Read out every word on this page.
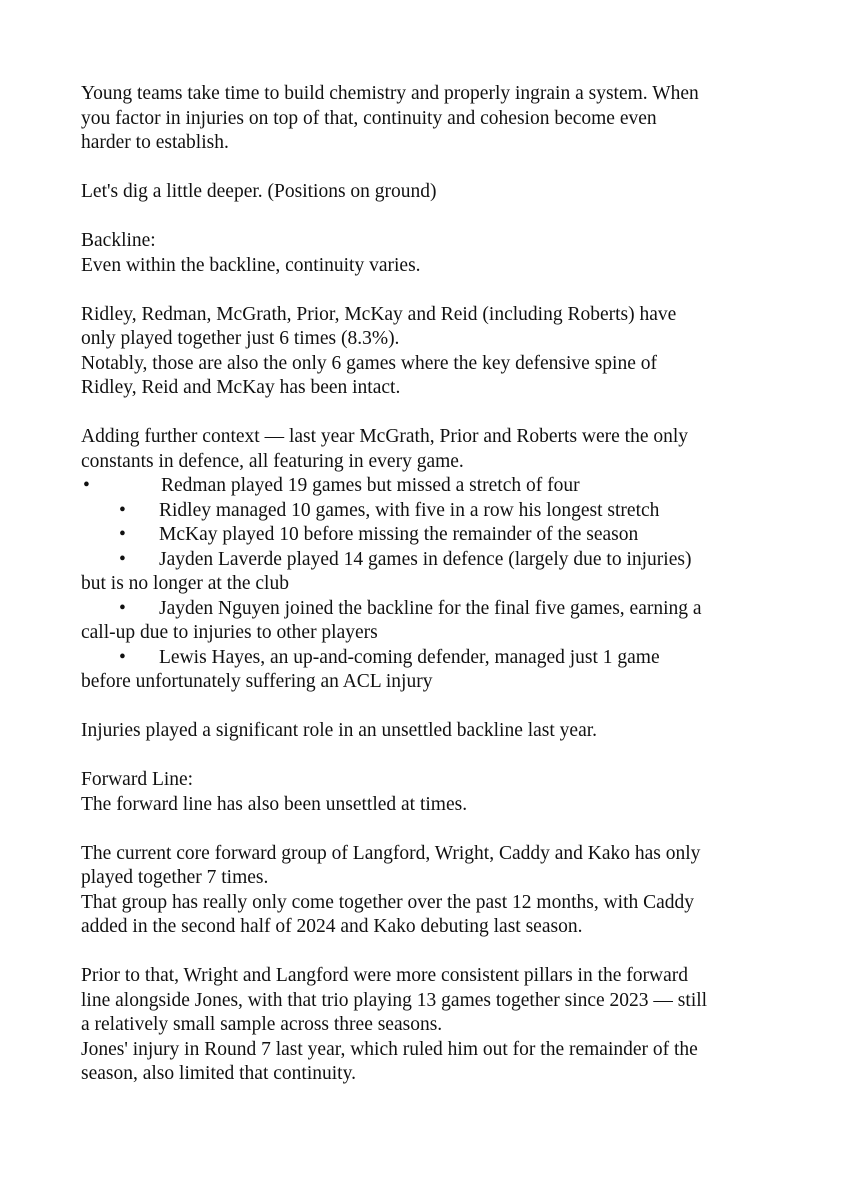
Young teams take time to build chemistry and properly ingrain a system. When
you factor in injuries on top of that, continuity and cohesion become even
harder to establish.

Let's dig a little deeper. (Positions on ground)

Backline:
Even within the backline, continuity varies.

Ridley, Redman, McGrath, Prior, McKay and Reid (including Roberts) have
only played together just 6 times (8.3%).

Notably, those are also the only 6 games where the key defensive spine of
Ridley, Reid and McKay has been intact.

Adding further context — last year McGrath, Prior and Roberts were the only
constants in defence, all featuring in every game.
•	Redman played 19 games but missed a stretch of four
• Ridley managed 10 games, with five in a row his longest stretch
• McKay played 10 before missing the remainder of the season
• Jayden Laverde played 14 games in defence (largely due to injuries)
but is no longer at the club
• Jayden Nguyen joined the backline for the final five games, earning a
call-up due to injuries to other players
• Lewis Hayes, an up-and-coming defender, managed just 1 game
before unfortunately suffering an ACL injury

Injuries played a significant role in an unsettled backline last year.

Forward Line:
The forward line has also been unsettled at times.

The current core forward group of Langford, Wright, Caddy and Kako has only
played together 7 times.

That group has really only come together over the past 12 months, with Caddy
added in the second half of 2024 and Kako debuting last season.

Prior to that, Wright and Langford were more consistent pillars in the forward
line alongside Jones, with that trio playing 13 games together since 2023 — still
a relatively small sample across three seasons.

Jones' injury in Round 7 last year, which ruled him out for the remainder of the
season, also limited that continuity.
